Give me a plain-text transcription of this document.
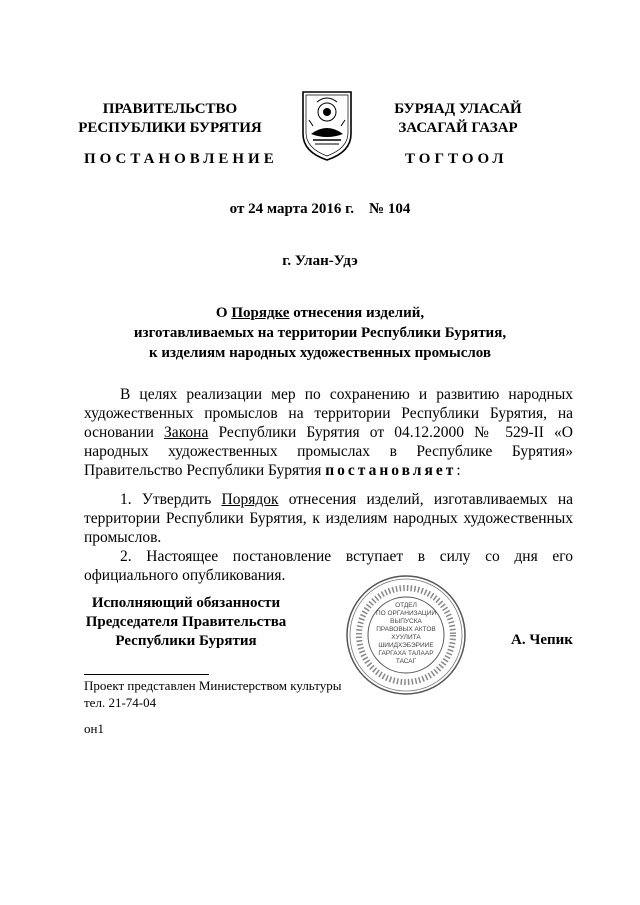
ПРАВИТЕЛЬСТВО
РЕСПУБЛИКИ БУРЯТИЯ
БУРЯАД УЛАСАЙ
ЗАСАГАЙ ГАЗАР
ПОСТАНОВЛЕНИЕ	ТОГТООЛ
от 24 марта 2016 г.    № 104
г. Улан-Удэ
О Порядке отнесения изделий,
изготавливаемых на территории Республики Бурятия,
к изделиям народных художественных промыслов
В целях реализации мер по сохранению и развитию народных художественных промыслов на территории Республики Бурятия, на основании Закона Республики Бурятия от 04.12.2000 № 529-II «О народных художественных промыслах в Республике Бурятия» Правительство Республики Бурятия постановляет:
1. Утвердить Порядок отнесения изделий, изготавливаемых на территории Республики Бурятия, к изделиям народных художественных промыслов.
2. Настоящее постановление вступает в силу со дня его официального опубликования.
Исполняющий обязанности
Председателя Правительства
Республики Бурятия
ОТДЕЛ
ПО ОРГАНИЗАЦИИ
ВЫПУСКА
ПРАВОВЫХ АКТОВ
ХУУЛИТА
ШИИДХЭБЭРИИЕ
ГАРГАХА ТАЛААР
ТАСАГ
А. Чепик
Проект представлен Министерством культуры
тел. 21-74-04
он1
